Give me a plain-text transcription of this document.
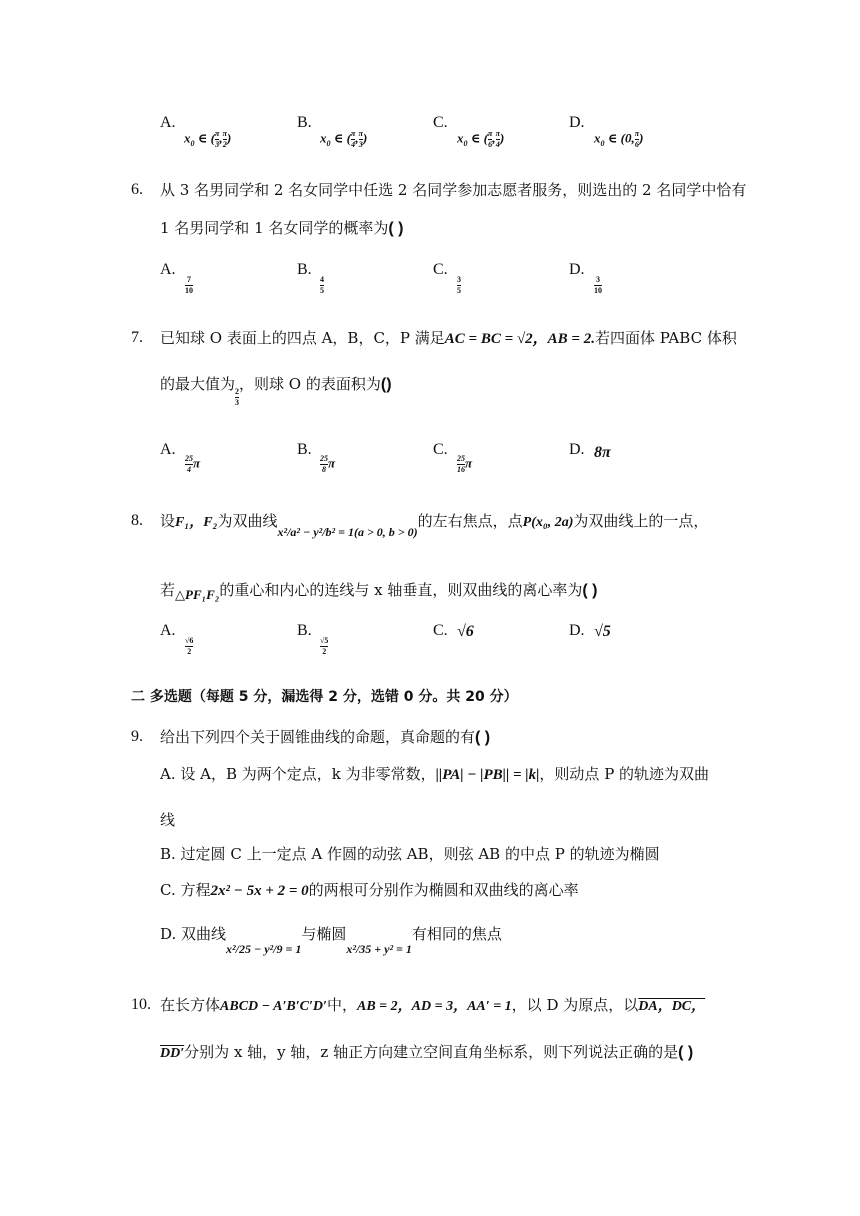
A.
$x_0$ ∈ ( $\frac{\pi}{3}$ , $\frac{\pi}{2}$ )
B.
$x_0$ ∈ ( $\frac{\pi}{4}$ , $\frac{\pi}{3}$ )
C.
$x_0$ ∈ ( $\frac{\pi}{6}$ , $\frac{\pi}{4}$ )
D.
$x_0$ ∈ (0, $\frac{\pi}{6}$ )
6. 从 3 名男同学和 2 名女同学中任选 2 名同学参加志愿者服务，则选出的 2 名同学中恰有
1 名男同学和 1 名女同学的概率为( )
A.
$\frac{7}{10}$
B.
$\frac{4}{5}$
C.
$\frac{3}{5}$
D.
$\frac{3}{10}$
7. 已知球 O 表面上的四点 A，B，C，P 满足AC = BC = √2，AB = 2.若四面体 PABC 体积
的最大值为
$\frac{2}{3}$
，则球 O 的表面积为()
A.
$\frac{25}{4}$ π
B.
$\frac{25}{8}$ π
C.
$\frac{25}{16}$ π
D. 8π
8. 设F₁，F₂为双曲线$_{x^2/a^2 - y^2/b^2 = 1(a > 0, b > 0)}$的左右焦点，点P(x₀, 2a)为双曲线上的一点，
若△PF₁F₂的重心和内心的连线与 x 轴垂直，则双曲线的离心率为( )
A.
$\frac{√6}{2}$
B.
$\frac{√5}{2}$
C. √6	D. √5
二 多选题（每题 5 分，漏选得 2 分，选错 0 分。共 20 分）
9. 给出下列四个关于圆锥曲线的命题，真命题的有( )
A. 设 A，B 为两个定点，k 为非零常数，||PA| − |PB|| = |k|，则动点 P 的轨迹为双曲
线
B. 过定圆 C 上一定点 A 作圆的动弦 AB，则弦 AB 的中点 P 的轨迹为椭圆
C. 方程2x² − 5x + 2 = 0的两根可分别作为椭圆和双曲线的离心率
D. 双曲线$_{x^2/25 - y^2/9 = 1}$与椭圆$_{x^2/35 + y^2 = 1}$有相同的焦点
10. 在长方体ABCD − A′B′C′D′中，AB = 2，AD = 3，AA′ = 1，以 D 为原点，以DA，DC，
DD′分别为 x 轴，y 轴，z 轴正方向建立空间直角坐标系，则下列说法正确的是( )
